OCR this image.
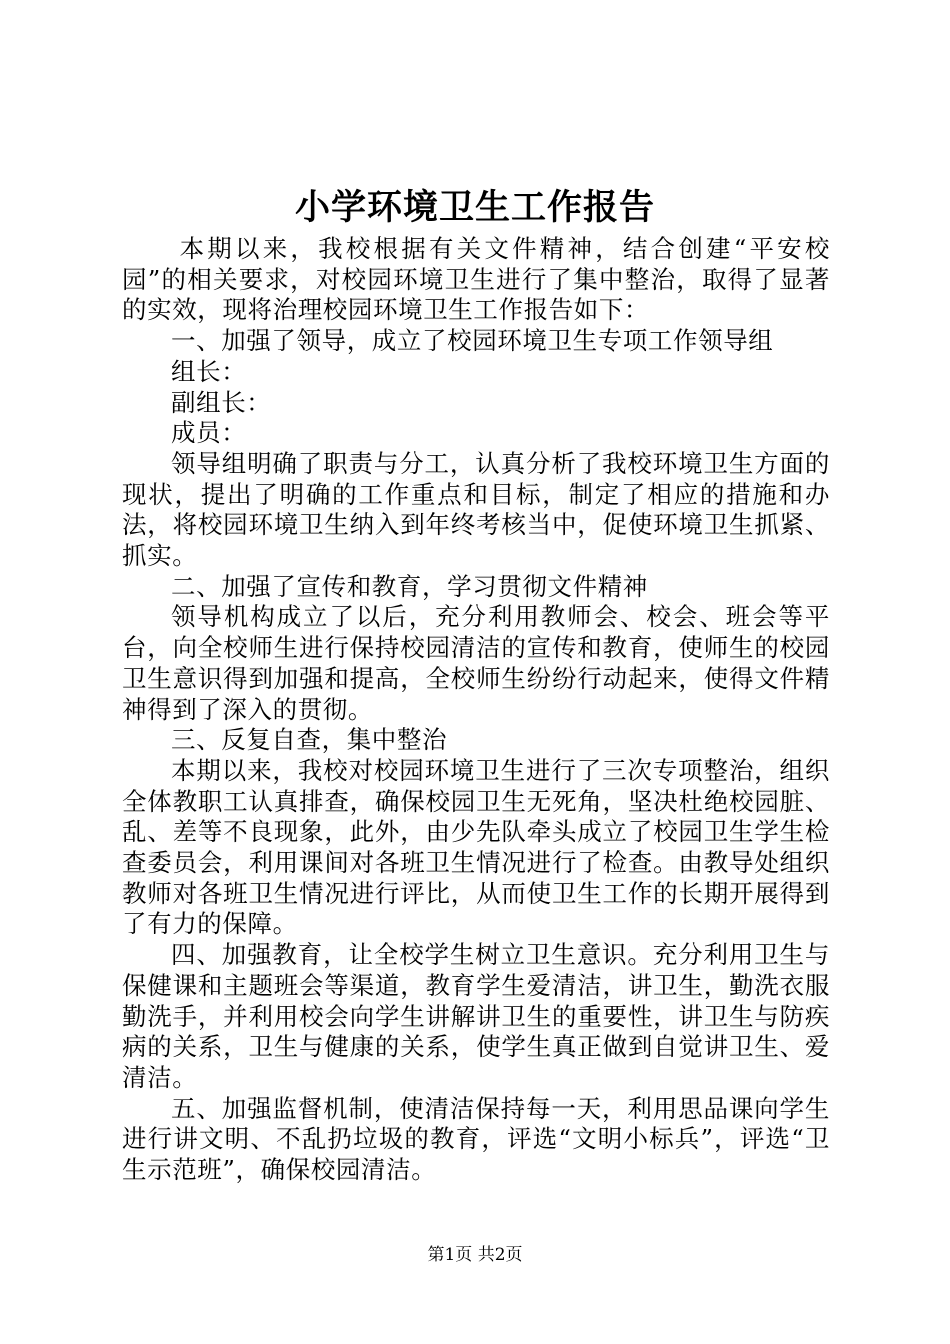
小学环境卫生工作报告

本期以来，我校根据有关文件精神，结合创建“平安校园”的相关要求，对校园环境卫生进行了集中整治，取得了显著的实效，现将治理校园环境卫生工作报告如下：

一、加强了领导，成立了校园环境卫生专项工作领导组

组长：

副组长：

成员：

领导组明确了职责与分工，认真分析了我校环境卫生方面的现状，提出了明确的工作重点和目标，制定了相应的措施和办法，将校园环境卫生纳入到年终考核当中，促使环境卫生抓紧、抓实。

二、加强了宣传和教育，学习贯彻文件精神

领导机构成立了以后，充分利用教师会、校会、班会等平台，向全校师生进行保持校园清洁的宣传和教育，使师生的校园卫生意识得到加强和提高，全校师生纷纷行动起来，使得文件精神得到了深入的贯彻。

三、反复自查，集中整治

本期以来，我校对校园环境卫生进行了三次专项整治，组织全体教职工认真排查，确保校园卫生无死角，坚决杜绝校园脏、乱、差等不良现象，此外，由少先队牵头成立了校园卫生学生检查委员会，利用课间对各班卫生情况进行了检查。由教导处组织教师对各班卫生情况进行评比，从而使卫生工作的长期开展得到了有力的保障。

四、加强教育，让全校学生树立卫生意识。充分利用卫生与保健课和主题班会等渠道，教育学生爱清洁，讲卫生，勤洗衣服勤洗手，并利用校会向学生讲解讲卫生的重要性，讲卫生与防疾病的关系，卫生与健康的关系，使学生真正做到自觉讲卫生、爱清洁。

五、加强监督机制，使清洁保持每一天，利用思品课向学生进行讲文明、不乱扔垃圾的教育，评选“文明小标兵”，评选“卫生示范班”，确保校园清洁。

第1页 共2页
